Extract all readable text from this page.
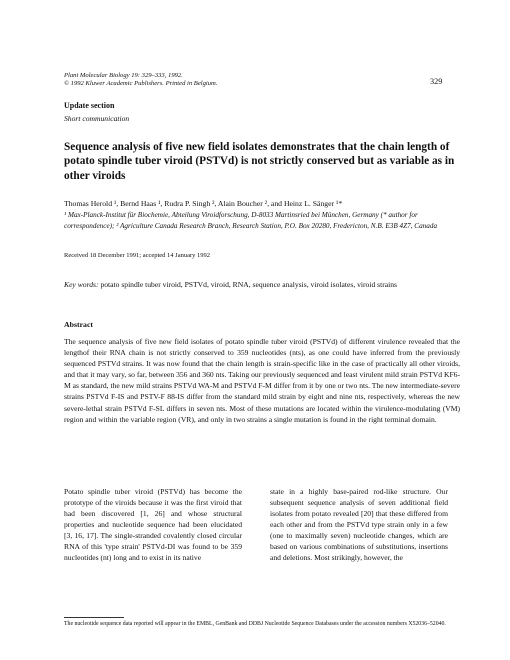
Plant Molecular Biology 19: 329–333, 1992.
© 1992 Kluwer Academic Publishers. Printed in Belgium.	329
Update section
Short communication
Sequence analysis of five new field isolates demonstrates that the chain length of potato spindle tuber viroid (PSTVd) is not strictly conserved but as variable as in other viroids
Thomas Herold ¹, Bernd Haas ¹, Rudra P. Singh ², Alain Boucher ², and Heinz L. Sänger ¹*
¹ Max-Planck-Institut für Biochemie, Abteilung Viroidforschung, D-8033 Martinsried bei München, Germany (* author for correspondence); ² Agriculture Canada Research Branch, Research Station, P.O. Box 20280, Fredericton, N.B. E3B 4Z7, Canada
Received 18 December 1991; accepted 14 January 1992
Key words: potato spindle tuber viroid, PSTVd, viroid, RNA, sequence analysis, viroid isolates, viroid strains
Abstract

The sequence analysis of five new field isolates of potato spindle tuber viroid (PSTVd) of different virulence revealed that the lengthof their RNA chain is not strictly conserved to 359 nucleotides (nts), as one could have inferred from the previously sequenced PSTVd strains. It was now found that the chain length is strain-specific like in the case of practically all other viroids, and that it may vary, so far, between 356 and 360 nts. Taking our previously sequenced and least virulent mild strain PSTVd KF6-M as standard, the new mild strains PSTVd WA-M and PSTVd F-M differ from it by one or two nts. The new intermediate-severe strains PSTVd F-IS and PSTV-F 88-IS differ from the standard mild strain by eight and nine nts, respectively, whereas the new severe-lethal strain PSTVd F-SL differs in seven nts. Most of these mutations are located within the virulence-modulating (VM) region and within the variable region (VR), and only in two strains a single mutation is found in the right terminal domain.

Potato spindle tuber viroid (PSTVd) has become the prototype of the viroids because it was the first viroid that had been discovered [1, 26] and whose structural properties and nucleotide sequence had been elucidated [3, 16, 17]. The single-stranded covalently closed circular RNA of this 'type strain' PSTVd-DI was found to be 359 nucleotides (nt) long and to exist in its native

state in a highly base-paired rod-like structure. Our subsequent sequence analysis of seven additional field isolates from potato revealed [20] that these differed from each other and from the PSTVd type strain only in a few (one to maximally seven) nucleotide changes, which are based on various combinations of substitutions, insertions and deletions. Most strikingly, however, the

The nucleotide sequence data reported will appear in the EMBL, GenBank and DDBJ Nucleotide Sequence Databases under the accession numbers X52036–52040.
